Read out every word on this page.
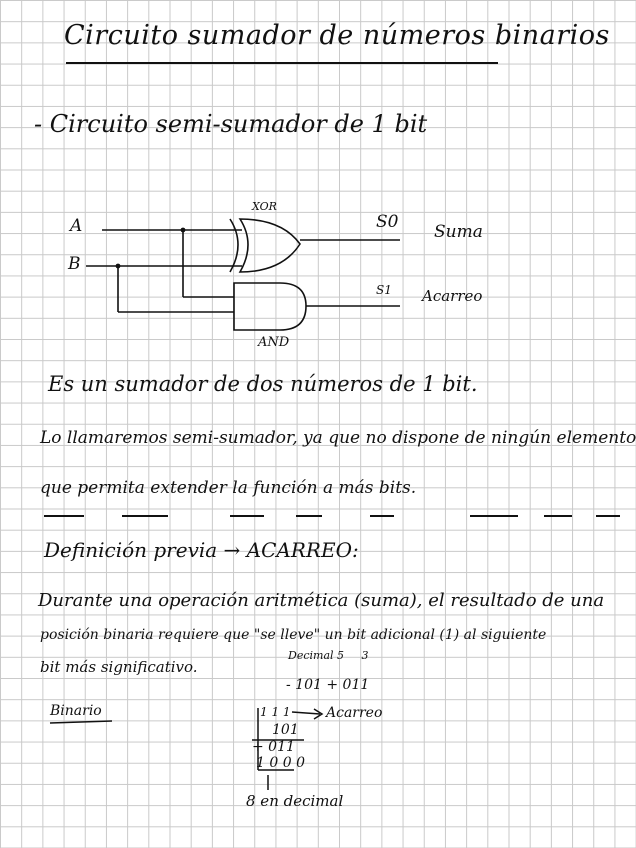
Circuito sumador de números binarios
- Circuito semi-sumador de 1 bit
A
B
XOR
AND
S0
S1
Suma
Acarreo
Es un sumador de dos números de 1 bit.
Lo llamaremos semi-sumador, ya que no dispone de ningún elemento
que permita extender la función a más bits.
Definición previa → ACARREO:
Durante una operación aritmética (suma), el resultado de una
posición binaria requiere que "se lleve" un bit adicional (1) al siguiente
bit más significativo.
Decimal 5     3
- 101 + 011
Binario	1 1 1	Acarreo
101
+ 011
1 0 0 0
8 en decimal
